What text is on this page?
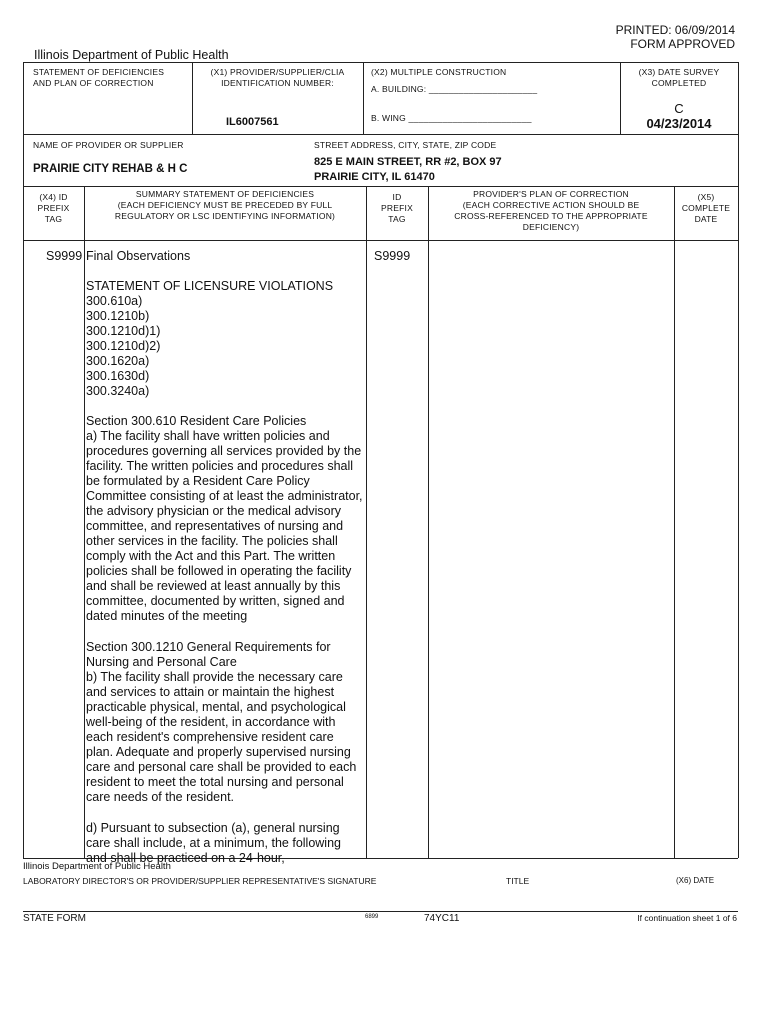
PRINTED: 06/09/2014
FORM APPROVED
Illinois Department of Public Health
STATEMENT OF DEFICIENCIES
AND PLAN OF CORRECTION
(X1) PROVIDER/SUPPLIER/CLIA
IDENTIFICATION NUMBER:
IL6007561
(X2) MULTIPLE CONSTRUCTION
A. BUILDING: ______________________
B. WING _________________________
(X3) DATE SURVEY
COMPLETED
C
04/23/2014
NAME OF PROVIDER OR SUPPLIER
PRAIRIE CITY REHAB & H C
STREET ADDRESS, CITY, STATE, ZIP CODE
825 E MAIN STREET, RR #2, BOX 97
PRAIRIE CITY, IL 61470
(X4) ID
PREFIX
TAG
SUMMARY STATEMENT OF DEFICIENCIES
(EACH DEFICIENCY MUST BE PRECEDED BY FULL
REGULATORY OR LSC IDENTIFYING INFORMATION)
ID
PREFIX
TAG
PROVIDER'S PLAN OF CORRECTION
(EACH CORRECTIVE ACTION SHOULD BE
CROSS-REFERENCED TO THE APPROPRIATE
DEFICIENCY)
(X5)
COMPLETE
DATE
S9999	S9999
Final Observations
STATEMENT OF LICENSURE VIOLATIONS
300.610a)
300.1210b)
300.1210d)1)
300.1210d)2)
300.1620a)
300.1630d)
300.3240a)
Section 300.610 Resident Care Policies
a) The facility shall have written policies and procedures governing all services provided by the facility. The written policies and procedures shall be formulated by a Resident Care Policy Committee consisting of at least the administrator, the advisory physician or the medical advisory committee, and representatives of nursing and other services in the facility. The policies shall comply with the Act and this Part. The written policies shall be followed in operating the facility and shall be reviewed at least annually by this committee, documented by written, signed and dated minutes of the meeting
Section 300.1210 General Requirements for Nursing and Personal Care
b) The facility shall provide the necessary care and services to attain or maintain the highest practicable physical, mental, and psychological well-being of the resident, in accordance with each resident's comprehensive resident care plan. Adequate and properly supervised nursing care and personal care shall be provided to each resident to meet the total nursing and personal care needs of the resident.
d) Pursuant to subsection (a), general nursing care shall include, at a minimum, the following and shall be practiced on a 24-hour,
Illinois Department of Public Health
LABORATORY DIRECTOR'S OR PROVIDER/SUPPLIER REPRESENTATIVE'S SIGNATURE	TITLE	(X6) DATE
STATE FORM	6899	74YC11	If continuation sheet 1 of 6
